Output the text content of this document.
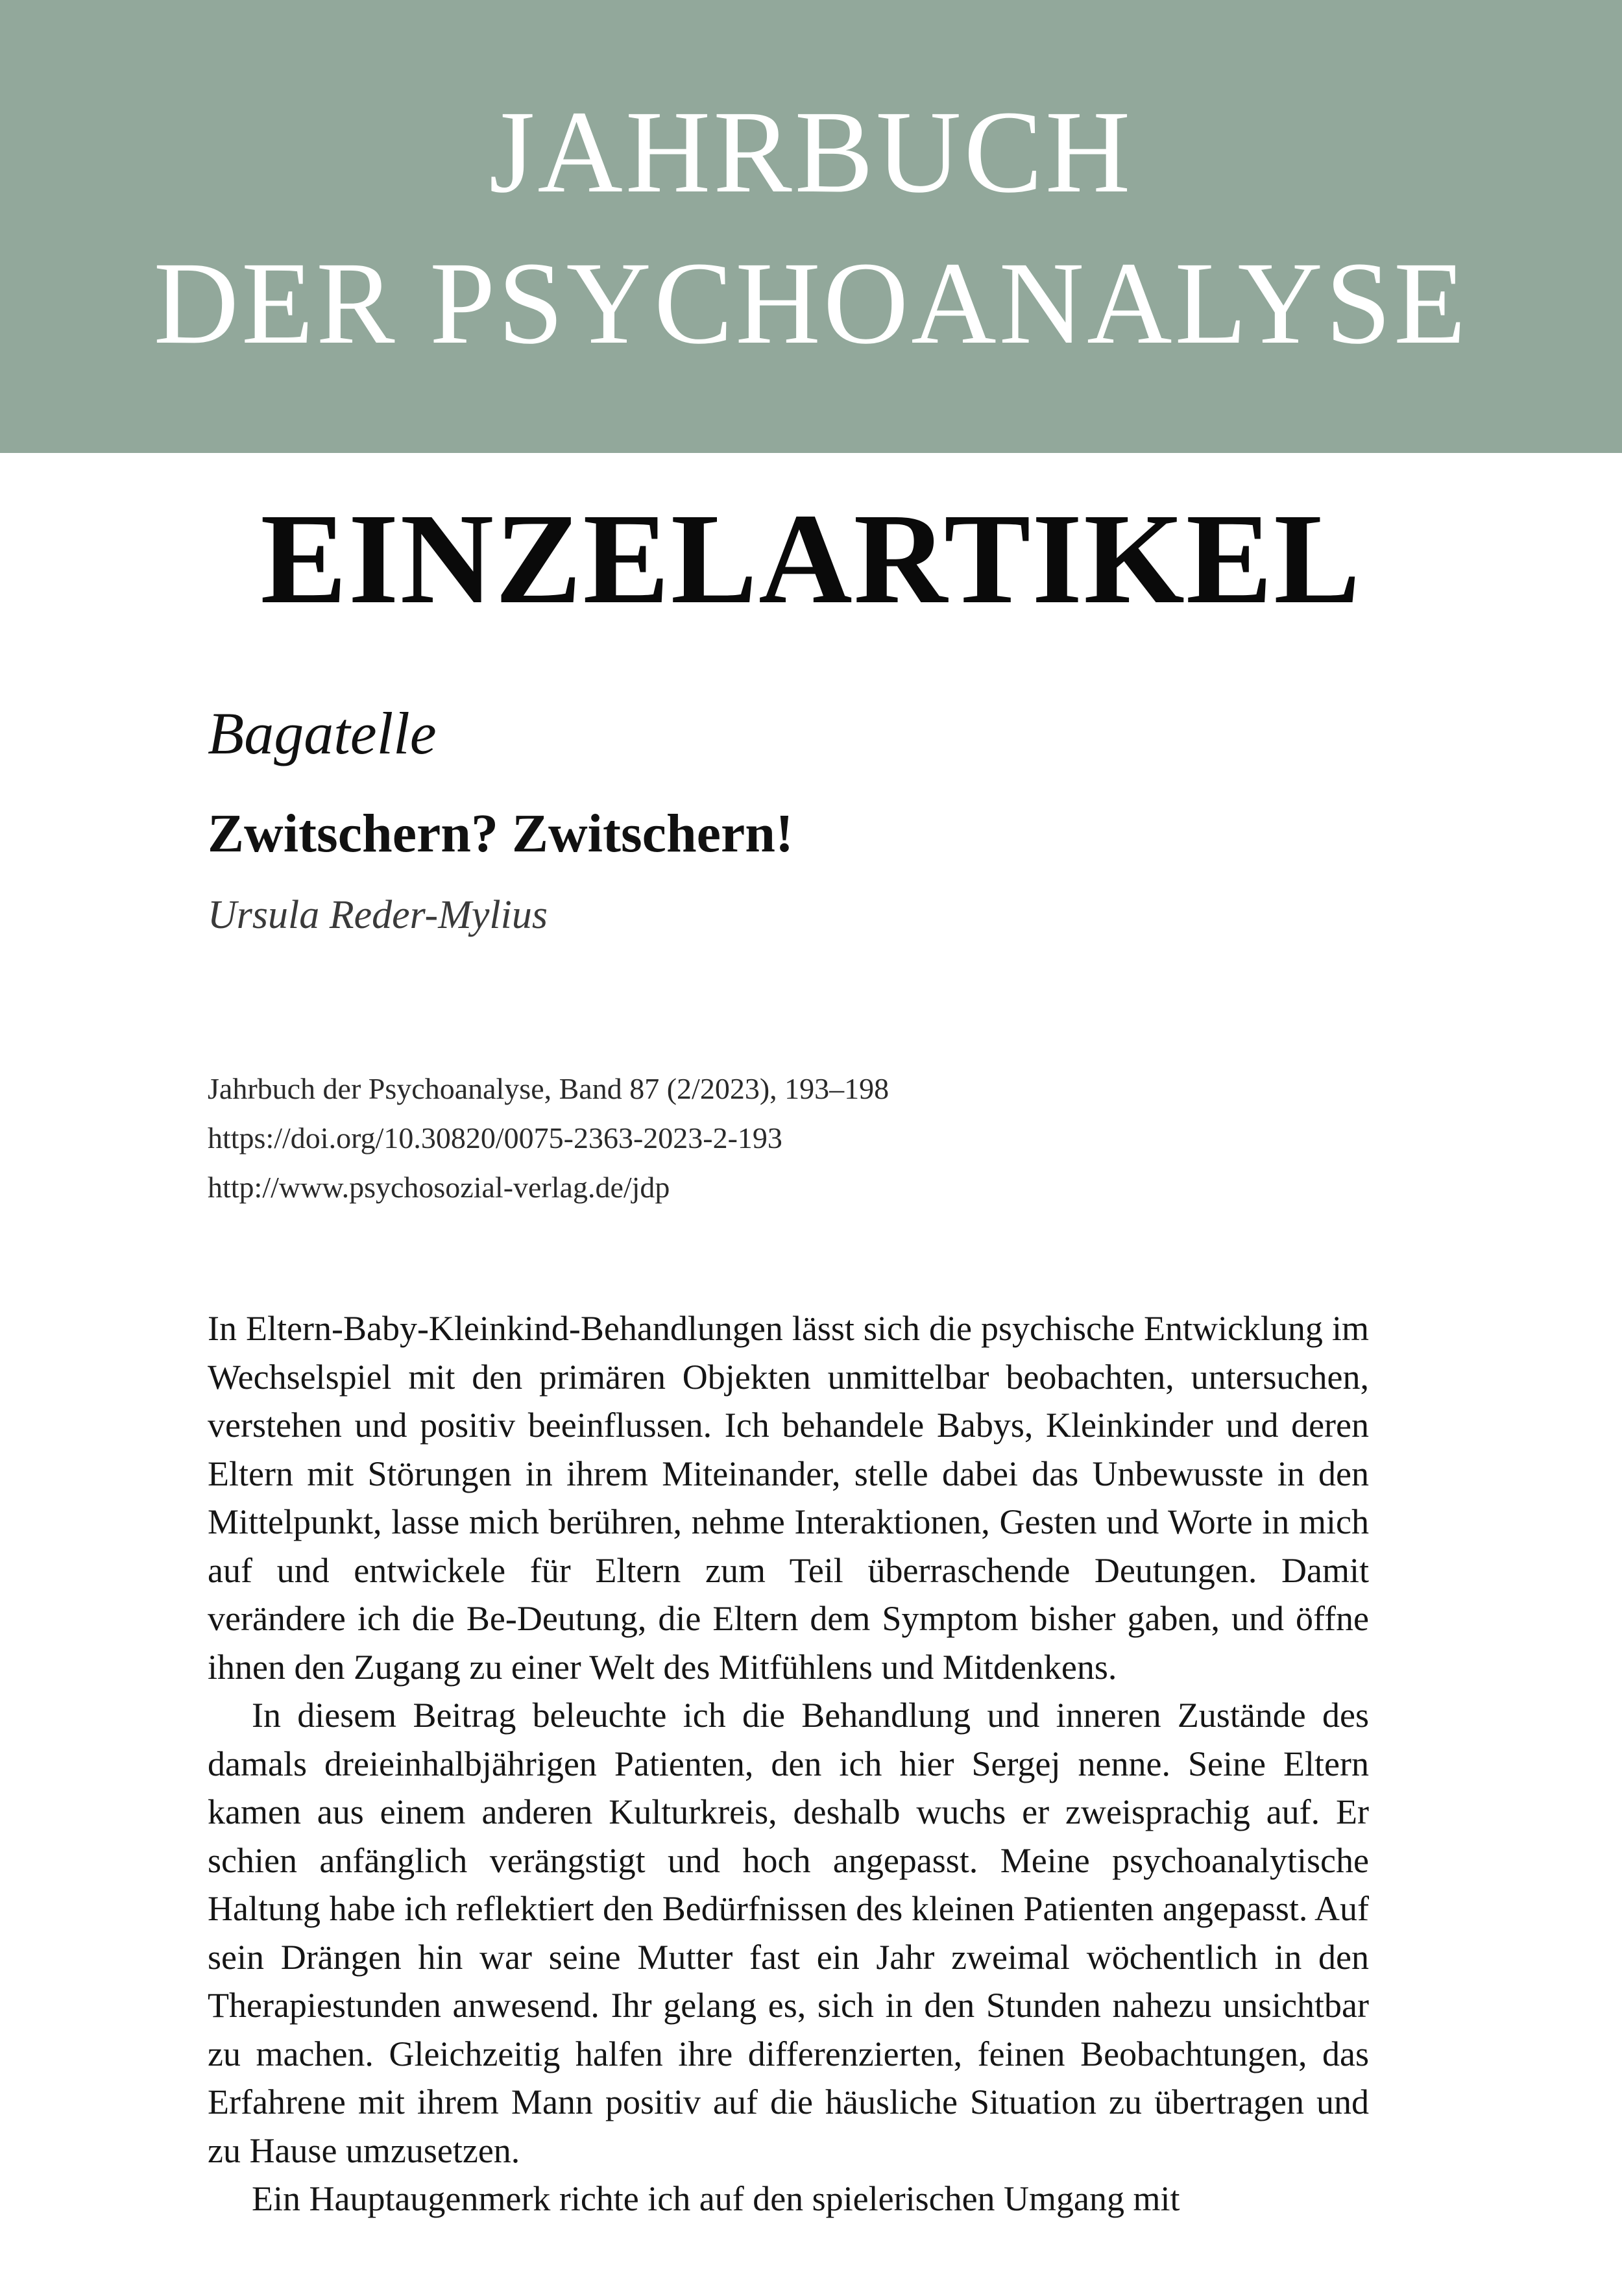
JAHRBUCH
DER PSYCHOANALYSE
EINZELARTIKEL
Bagatelle
Zwitschern? Zwitschern!
Ursula Reder-Mylius
Jahrbuch der Psychoanalyse, Band 87 (2/2023), 193–198
https://doi.org/10.30820/0075-2363-2023-2-193
http://www.psychosozial-verlag.de/jdp

In Eltern-Baby-Kleinkind-Behandlungen lässt sich die psychische Entwicklung im Wechselspiel mit den primären Objekten unmittelbar beobachten, untersuchen, verstehen und positiv beeinflussen. Ich behandele Babys, Kleinkinder und deren Eltern mit Störungen in ihrem Miteinander, stelle dabei das Unbewusste in den Mittelpunkt, lasse mich berühren, nehme Interaktionen, Gesten und Worte in mich auf und entwickele für Eltern zum Teil überraschende Deutungen. Damit verändere ich die Be-Deutung, die Eltern dem Symptom bisher gaben, und öffne ihnen den Zugang zu einer Welt des Mitfühlens und Mitdenkens.

In diesem Beitrag beleuchte ich die Behandlung und inneren Zustände des damals dreieinhalbjährigen Patienten, den ich hier Sergej nenne. Seine Eltern kamen aus einem anderen Kulturkreis, deshalb wuchs er zweisprachig auf. Er schien anfänglich verängstigt und hoch angepasst. Meine psychoanalytische Haltung habe ich reflektiert den Bedürfnissen des kleinen Patienten angepasst. Auf sein Drängen hin war seine Mutter fast ein Jahr zweimal wöchentlich in den Therapiestunden anwesend. Ihr gelang es, sich in den Stunden nahezu unsichtbar zu machen. Gleichzeitig halfen ihre differenzierten, feinen Beobachtungen, das Erfahrene mit ihrem Mann positiv auf die häusliche Situation zu übertragen und zu Hause umzusetzen.

Ein Hauptaugenmerk richte ich auf den spielerischen Umgang mit
